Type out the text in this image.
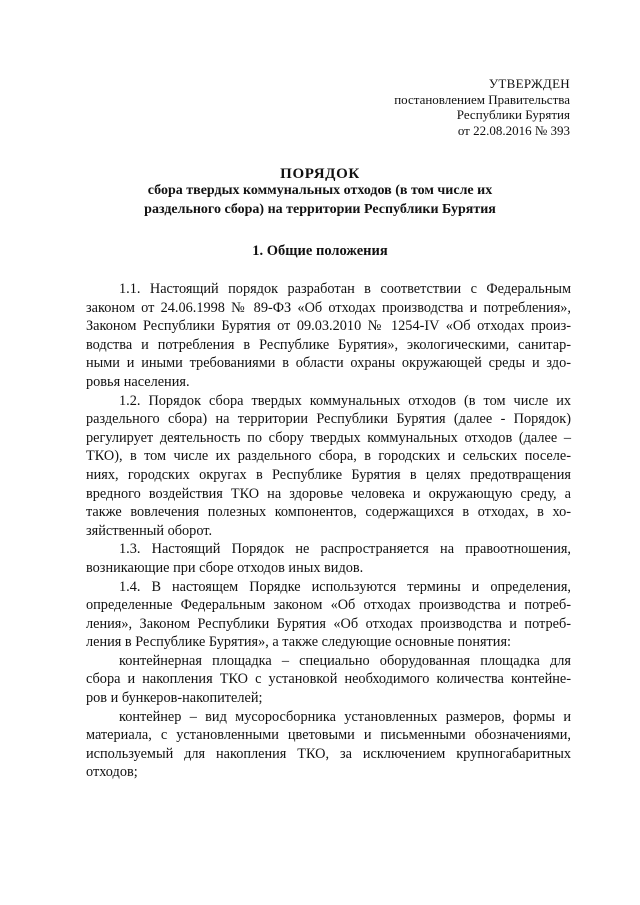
УТВЕРЖДЕН
постановлением Правительства
Республики Бурятия
от 22.08.2016 № 393
ПОРЯДОК
сбора твердых коммунальных отходов (в том числе их
раздельного сбора) на территории Республики Бурятия
1. Общие положения

1.1. Настоящий порядок разработан в соответствии с Федеральным
законом от 24.06.1998 № 89-ФЗ «Об отходах производства и потребления»,
Законом Республики Бурятия от 09.03.2010 № 1254-IV «Об отходах произ-
водства и потребления в Республике Бурятия», экологическими, санитар-
ными и иными требованиями в области охраны окружающей среды и здо-
ровья населения.

1.2. Порядок сбора твердых коммунальных отходов (в том числе их
раздельного сбора) на территории Республики Бурятия (далее - Порядок)
регулирует деятельность по сбору твердых коммунальных отходов (далее –
ТКО), в том числе их раздельного сбора, в городских и сельских поселе-
ниях, городских округах в Республике Бурятия в целях предотвращения
вредного воздействия ТКО на здоровье человека и окружающую среду, а
также вовлечения полезных компонентов, содержащихся в отходах, в хо-
зяйственный оборот.

1.3. Настоящий Порядок не распространяется на правоотношения,
возникающие при сборе отходов иных видов.

1.4. В настоящем Порядке используются термины и определения,
определенные Федеральным законом «Об отходах производства и потреб-
ления», Законом Республики Бурятия «Об отходах производства и потреб-
ления в Республике Бурятия», а также следующие основные понятия:

контейнерная площадка – специально оборудованная площадка для
сбора и накопления ТКО с установкой необходимого количества контейне-
ров и бункеров-накопителей;

контейнер – вид мусоросборника установленных размеров, формы и
материала, с установленными цветовыми и письменными обозначениями,
используемый для накопления ТКО, за исключением крупногабаритных
отходов;
